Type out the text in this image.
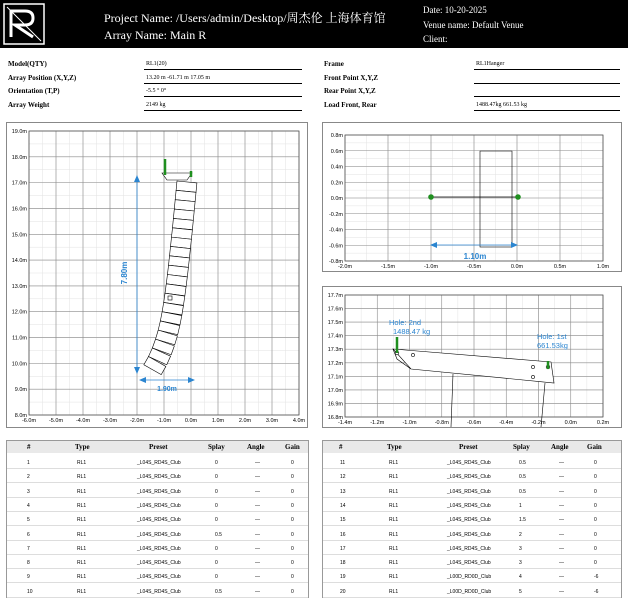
Project Name: /Users/admin/Desktop/周杰伦 上海体育馆
Array Name: Main R
Date: 10-20-2025
Venue name: Default Venue
Client:
Model(QTY)	RL1(20)
Array Position (X,Y,Z)	13.20 m -61.71 m 17.05 m
Orientation (T,P)	-5.5 ° 0°
Array Weight	2149 kg
Frame	RL1Hanger
Front Point X,Y,Z
Rear Point X,Y,Z
Load Front, Rear	1488.47kg 661.53 kg
19.0m
18.0m
17.0m
16.0m
15.0m
14.0m
13.0m
12.0m
11.0m
10.0m
9.0m
8.0m
-6.0m -5.0m -4.0m -3.0m -2.0m -1.0m	0.0m	1.0m	2.0m	3.0m	4.0m
7.80m
1.90m
0.8m
0.6m
0.4m
0.2m
0.0m
-0.2m
-0.4m
-0.6m
-0.8m
-2.0m	-1.5m	-1.0m	-0.5m	0.0m	0.5m	1.0m
1.10m
17.7m
17.6m
17.5m
17.4m
17.3m
17.2m
17.1m
17.0m
16.9m
16.8m
-1.4m	-1.2m	-1.0m	-0.8m	-0.6m	-0.4m	-0.2m	0.0m	0.2m
Hole: 2nd
1488.47 kg
Hole: 1st
661.53kg
#	Type	Preset	Splay	Angle	Gain
1	RL1	_L04S_RD4S_Club	0	—	0
2	RL1	_L04S_RD4S_Club	0	—	0
3	RL1	_L04S_RD4S_Club	0	—	0
4	RL1	_L04S_RD4S_Club	0	—	0
5	RL1	_L04S_RD4S_Club	0	—	0
6	RL1	_L04S_RD4S_Club	0.5	—	0
7	RL1	_L04S_RD4S_Club	0	—	0
8	RL1	_L04S_RD4S_Club	0	—	0
9	RL1	_L04S_RD4S_Club	0	—	0
10	RL1	_L04S_RD4S_Club	0.5	—	0
#	Type	Preset	Splay	Angle	Gain
11	RL1	_L04S_RD4S_Club	0.5	—	0
12	RL1	_L04S_RD4S_Club	0.5	—	0
13	RL1	_L04S_RD4S_Club	0.5	—	0
14	RL1	_L04S_RD4S_Club	1	—	0
15	RL1	_L04S_RD4S_Club	1.5	—	0
16	RL1	_L04S_RD4S_Club	2	—	0
17	RL1	_L04S_RD4S_Club	3	—	0
18	RL1	_L04S_RD4S_Club	3	—	0
19	RL1	_L00D_RD0D_Club	4	—	-6
20	RL1	_L00D_RD0D_Club	5	—	-6
